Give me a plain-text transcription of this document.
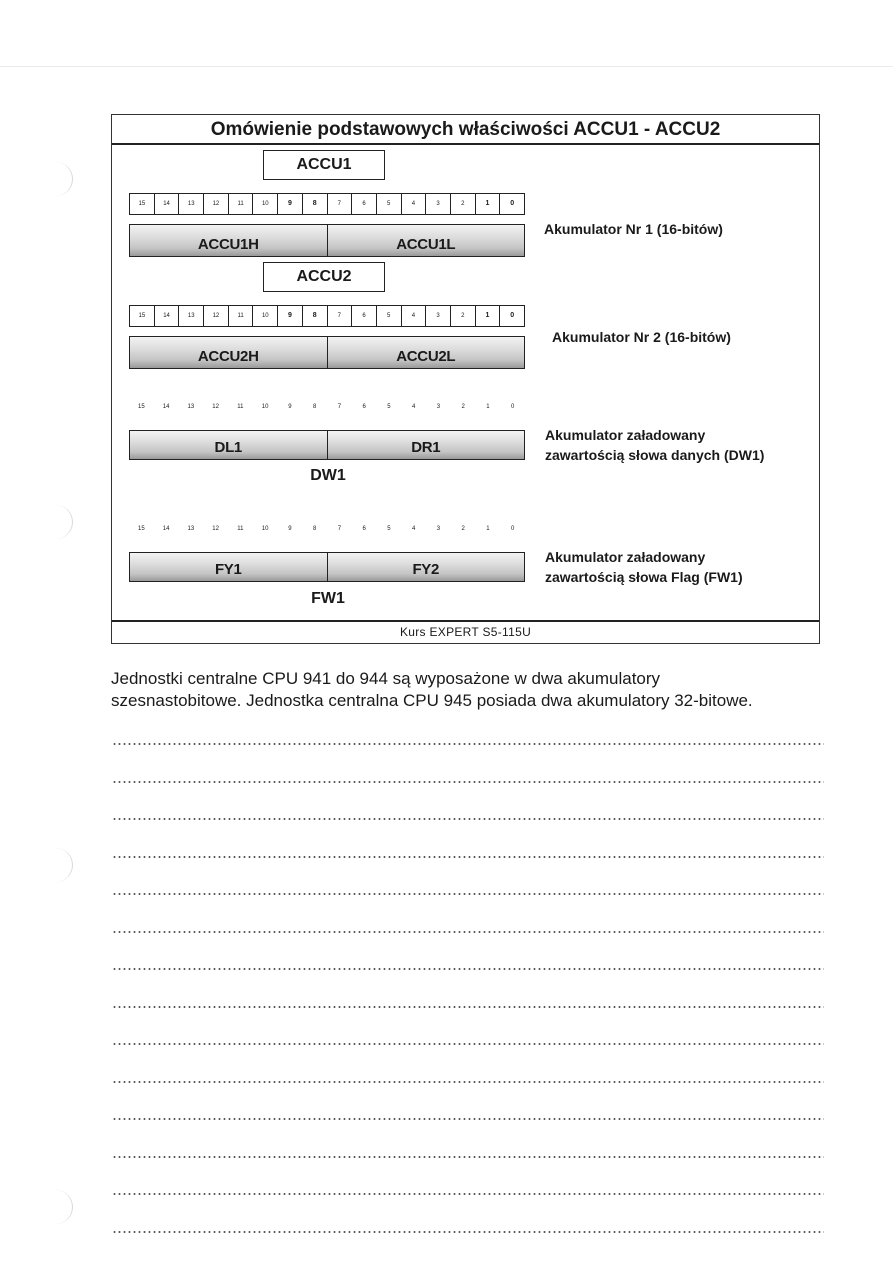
Omówienie podstawowych właściwości ACCU1 - ACCU2
ACCU1
15	14	13	12	11	10	9	8	7	6	5	4	3	2	1	0
ACCU1H	ACCU1L
Akumulator Nr 1 (16-bitów)
ACCU2
15	14	13	12	11	10	9	8	7	6	5	4	3	2	1	0
ACCU2H	ACCU2L
Akumulator Nr 2 (16-bitów)
15	14	13	12	11	10	9	8	7	6	5	4	3	2	1	0
DL1	DR1
DW1
Akumulator załadowany
zawartością słowa danych (DW1)
15	14	13	12	11	10	9	8	7	6	5	4	3	2	1	0
FY1	FY2
FW1
Akumulator załadowany
zawartością słowa Flag (FW1)
Kurs EXPERT S5-115U
Jednostki centralne CPU 941 do 944 są wyposażone w dwa akumulatory
szesnastobitowe. Jednostka centralna CPU 945 posiada dwa akumulatory 32-bitowe.
